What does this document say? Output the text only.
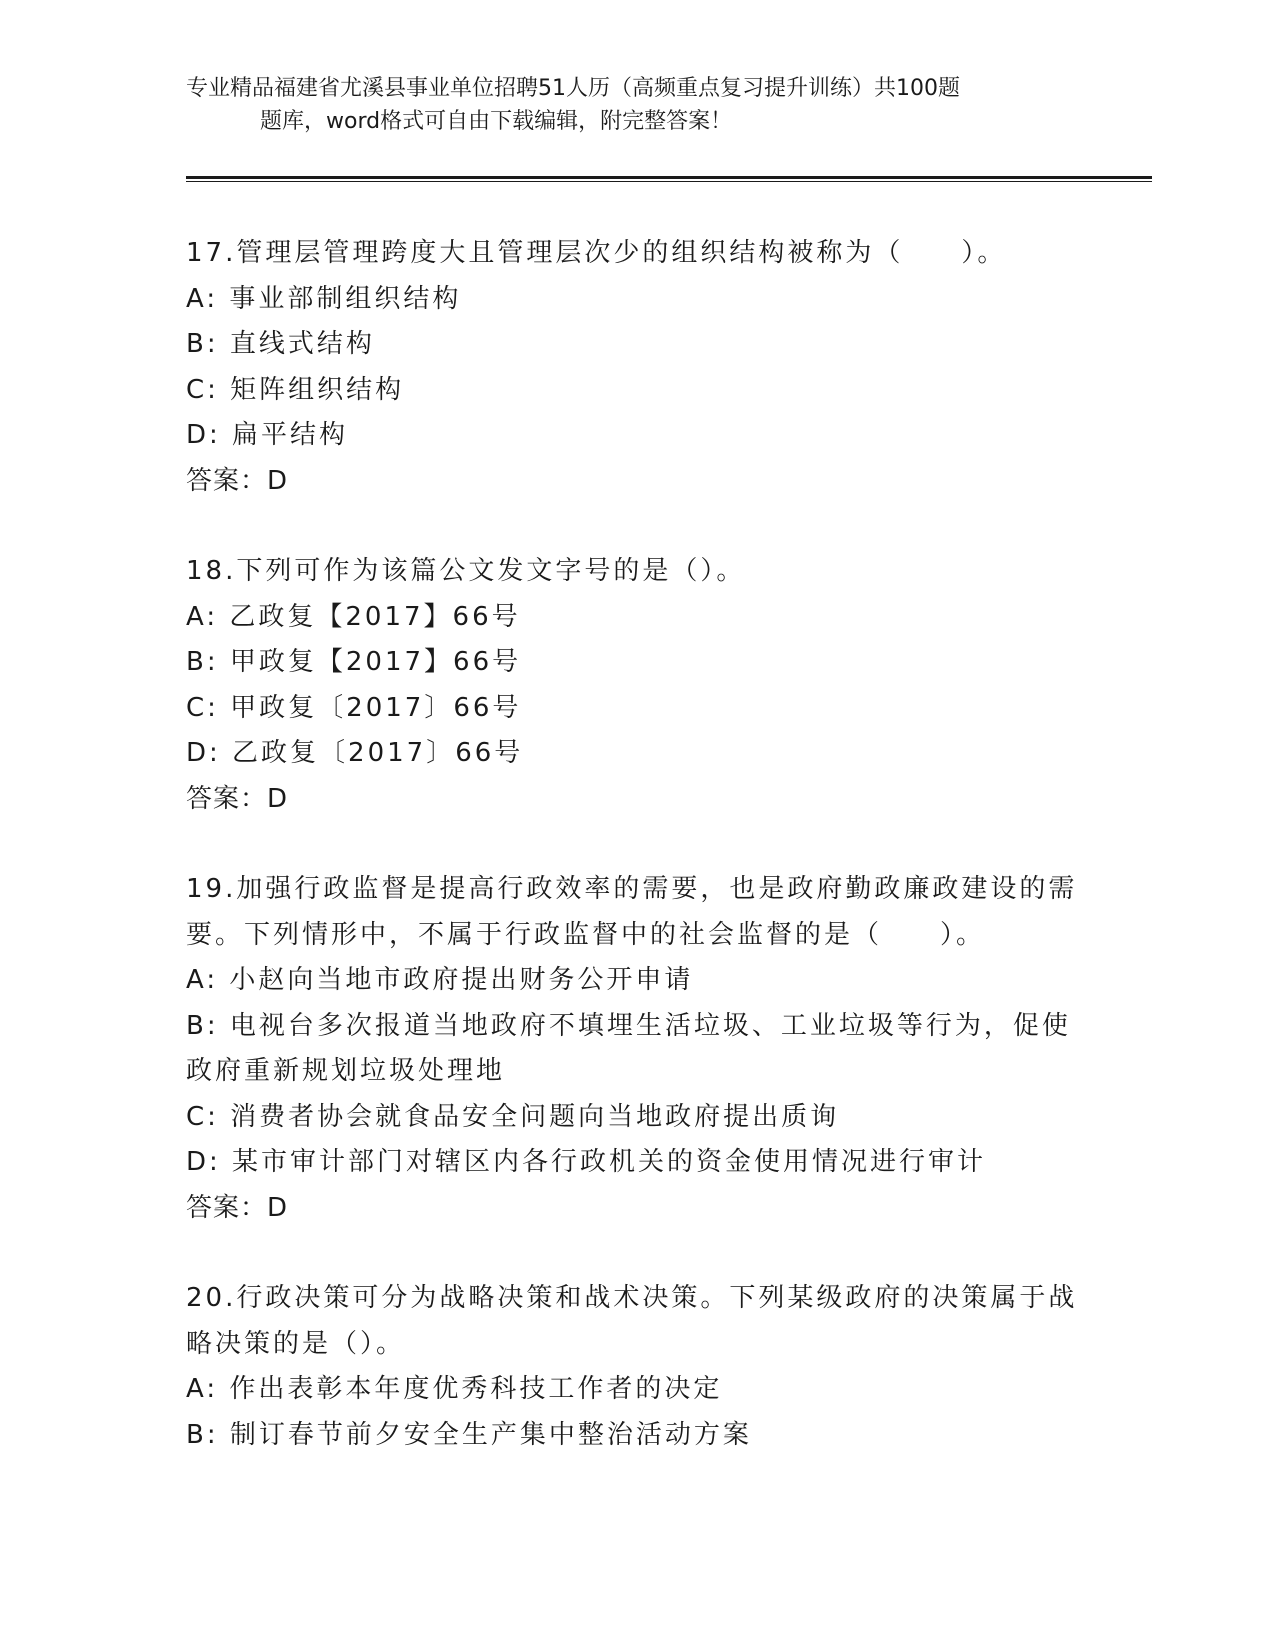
专业精品福建省尤溪县事业单位招聘51人历（高频重点复习提升训练）共100题
题库，word格式可自由下载编辑，附完整答案！
17.管理层管理跨度大且管理层次少的组织结构被称为（　　）。
A: 事业部制组织结构
B: 直线式结构
C: 矩阵组织结构
D: 扁平结构
答案：D
18.下列可作为该篇公文发文字号的是（）。
A: 乙政复【2017】66号
B: 甲政复【2017】66号
C: 甲政复〔2017〕66号
D: 乙政复〔2017〕66号
答案：D
19.加强行政监督是提高行政效率的需要，也是政府勤政廉政建设的需
要。下列情形中，不属于行政监督中的社会监督的是（　　）。
A: 小赵向当地市政府提出财务公开申请
B: 电视台多次报道当地政府不填埋生活垃圾、工业垃圾等行为，促使
政府重新规划垃圾处理地
C: 消费者协会就食品安全问题向当地政府提出质询
D: 某市审计部门对辖区内各行政机关的资金使用情况进行审计
答案：D
20.行政决策可分为战略决策和战术决策。下列某级政府的决策属于战
略决策的是（）。
A: 作出表彰本年度优秀科技工作者的决定
B: 制订春节前夕安全生产集中整治活动方案
